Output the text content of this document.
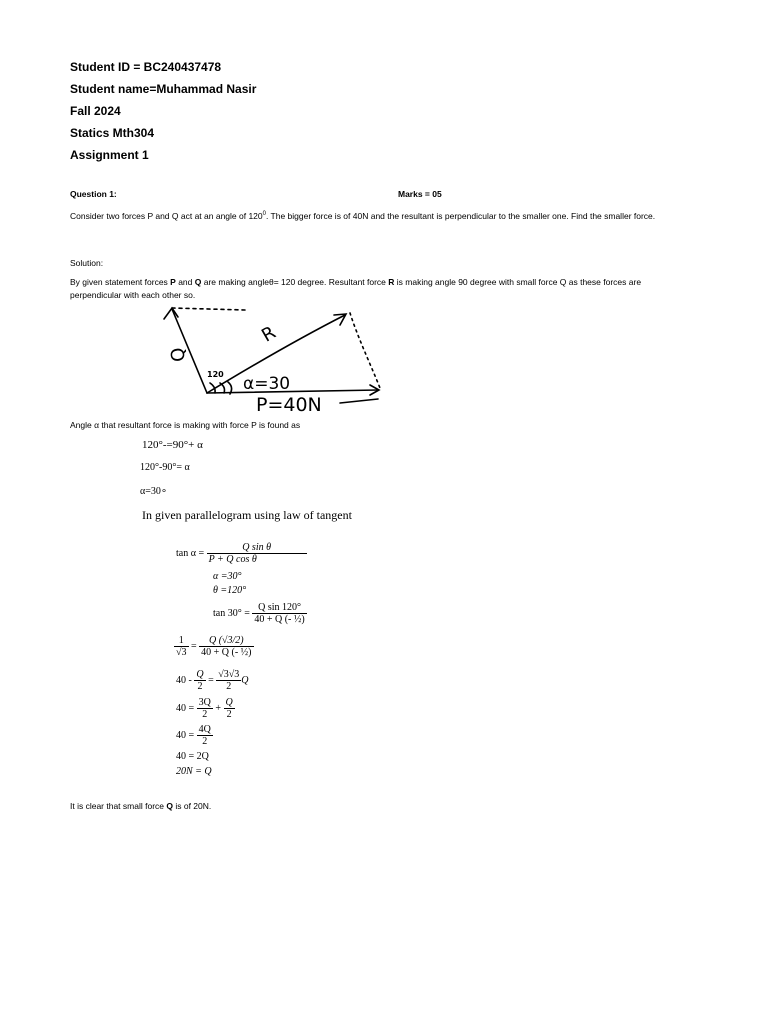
Student ID = BC240437478
Student name=Muhammad Nasir
Fall 2024
Statics Mth304
Assignment 1
Question 1:	Marks = 05
Consider two forces P and Q act at an angle of $120^0$. The bigger force is of 40N and the resultant is perpendicular to the smaller one. Find the smaller force.
Solution:
By given statement forces P and Q are making angleθ= 120 degree. Resultant force R is making angle 90 degree with small force Q as these forces are perpendicular with each other so.
Q
R
120 α=30
P=40N
Angle α that resultant force is making with force P is found as
120°-=90°+ α
120°-90°= α
α=30∘
In given parallelogram using law of tangent
$\tan \alpha = \frac{\text{Q sin θ}}{\text{P + Q cos θ}}$
α =30°
θ =120°
$\tan 30^\circ = \frac{\text{Q sin 120°}}{\text{40 + Q (- ½)}}$
$\frac{1}{√3} = \frac{Q (√3/2)}{\text{40 + Q (- ½)}}$
$40 - \frac{Q}{2} = \frac{√3√3}{2}$ Q
$40 = \frac{3Q}{2} + \frac{Q}{2}$
$40 = \frac{4Q}{2}$
40 = 2Q
20N = Q
It is clear that small force Q is of 20N.
